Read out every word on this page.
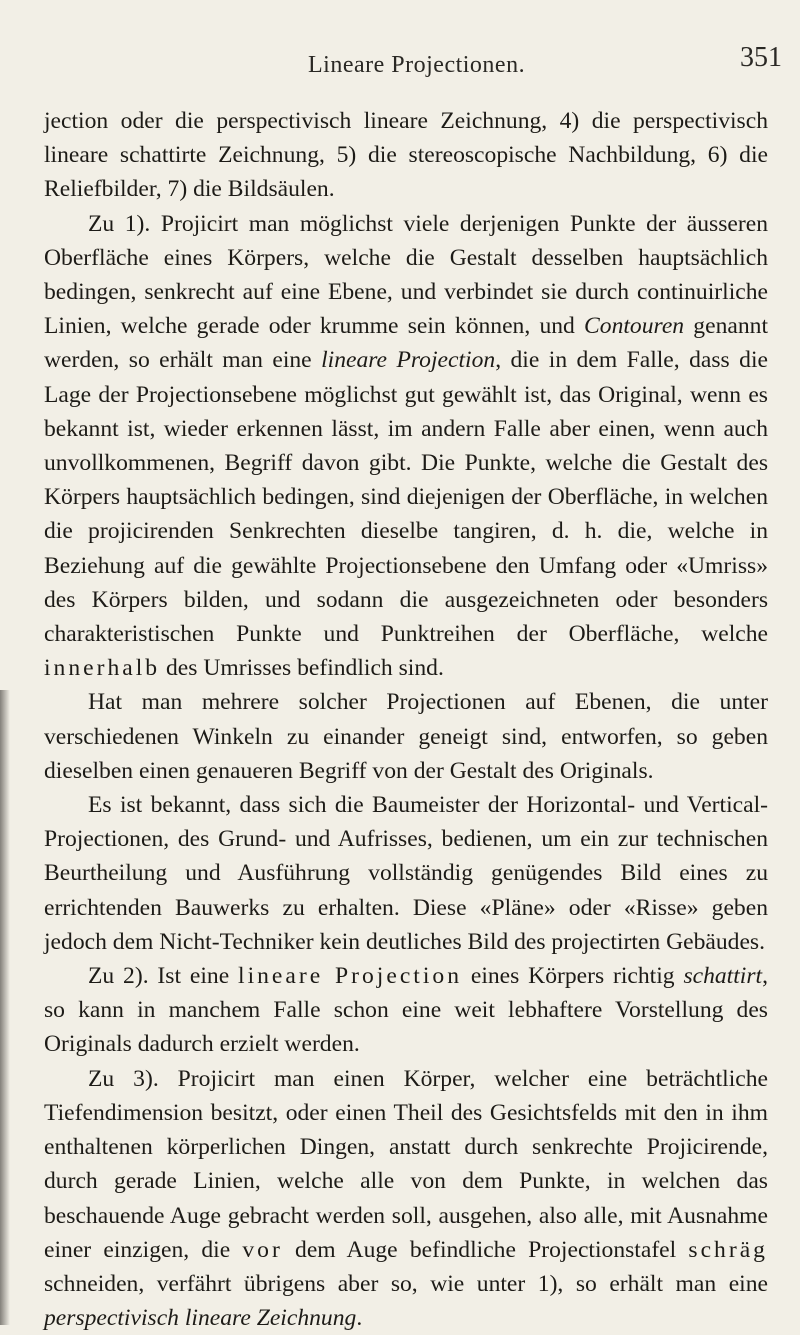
Lineare Projectionen.	351

jection oder die perspectivisch lineare Zeichnung, 4) die perspectivisch lineare schattirte Zeichnung, 5) die stereoscopische Nachbildung, 6) die Reliefbilder, 7) die Bildsäulen.

Zu 1). Projicirt man möglichst viele derjenigen Punkte der äusseren Oberfläche eines Körpers, welche die Gestalt desselben hauptsächlich bedingen, senkrecht auf eine Ebene, und verbindet sie durch continuirliche Linien, welche gerade oder krumme sein können, und Contouren genannt werden, so erhält man eine lineare Projection, die in dem Falle, dass die Lage der Projectionsebene möglichst gut gewählt ist, das Original, wenn es bekannt ist, wieder erkennen lässt, im andern Falle aber einen, wenn auch unvollkommenen, Begriff davon gibt. Die Punkte, welche die Gestalt des Körpers hauptsächlich bedingen, sind diejenigen der Oberfläche, in welchen die projicirenden Senkrechten dieselbe tangiren, d. h. die, welche in Beziehung auf die gewählte Projectionsebene den Umfang oder «Umriss» des Körpers bilden, und sodann die ausgezeichneten oder besonders charakteristischen Punkte und Punktreihen der Oberfläche, welche innerhalb des Umrisses befindlich sind.

Hat man mehrere solcher Projectionen auf Ebenen, die unter verschiedenen Winkeln zu einander geneigt sind, entworfen, so geben dieselben einen genaueren Begriff von der Gestalt des Originals.

Es ist bekannt, dass sich die Baumeister der Horizontal- und Vertical-Projectionen, des Grund- und Aufrisses, bedienen, um ein zur technischen Beurtheilung und Ausführung vollständig genügendes Bild eines zu errichtenden Bauwerks zu erhalten. Diese «Pläne» oder «Risse» geben jedoch dem Nicht-Techniker kein deutliches Bild des projectirten Gebäudes.

Zu 2). Ist eine lineare Projection eines Körpers richtig schattirt, so kann in manchem Falle schon eine weit lebhaftere Vorstellung des Originals dadurch erzielt werden.

Zu 3). Projicirt man einen Körper, welcher eine beträchtliche Tiefendimension besitzt, oder einen Theil des Gesichtsfelds mit den in ihm enthaltenen körperlichen Dingen, anstatt durch senkrechte Projicirende, durch gerade Linien, welche alle von dem Punkte, in welchen das beschauende Auge gebracht werden soll, ausgehen, also alle, mit Ausnahme einer einzigen, die vor dem Auge befindliche Projectionstafel schräg schneiden, verfährt übrigens aber so, wie unter 1), so erhält man eine perspectivisch lineare Zeichnung.
